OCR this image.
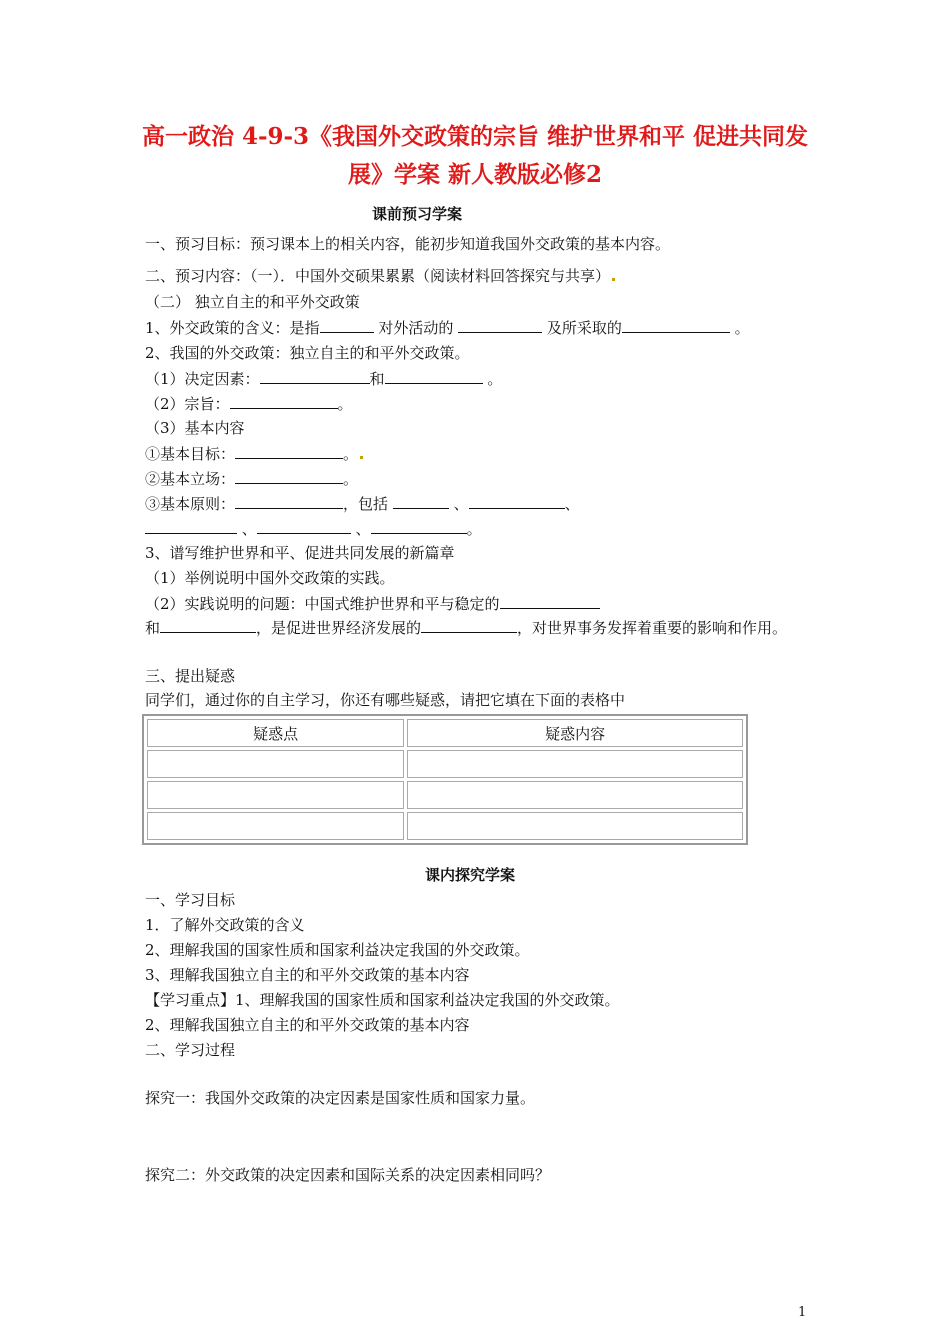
高一政治 4-9-3《我国外交政策的宗旨 维护世界和平 促进共同发
展》学案 新人教版必修2
课前预习学案
一、预习目标：预习课本上的相关内容，能初步知道我国外交政策的基本内容。
二、预习内容：（一）．中国外交硕果累累（阅读材料回答探究与共享）
（二） 独立自主的和平外交政策
1、外交政策的含义：是指	对外活动的	及所采取的	。
2、我国的外交政策：独立自主的和平外交政策。
（1）决定因素：	和	。
（2）宗旨：	。
（3）基本内容
①基本目标：	。
②基本立场：	。
③基本原则：	，包括	、	、
、	、	。
3、谱写维护世界和平、促进共同发展的新篇章
（1）举例说明中国外交政策的实践。
（2）实践说明的问题：中国式维护世界和平与稳定的
和	，是促进世界经济发展的	，对世界事务发挥着重要的影响和作用。
三、提出疑惑
同学们，通过你的自主学习，你还有哪些疑惑，请把它填在下面的表格中
疑惑点	疑惑内容

课内探究学案
一、学习目标
1．了解外交政策的含义
2、理解我国的国家性质和国家利益决定我国的外交政策。
3、理解我国独立自主的和平外交政策的基本内容
【学习重点】1、理解我国的国家性质和国家利益决定我国的外交政策。
2、理解我国独立自主的和平外交政策的基本内容
二、学习过程
探究一：我国外交政策的决定因素是国家性质和国家力量。
探究二：外交政策的决定因素和国际关系的决定因素相同吗？
1
